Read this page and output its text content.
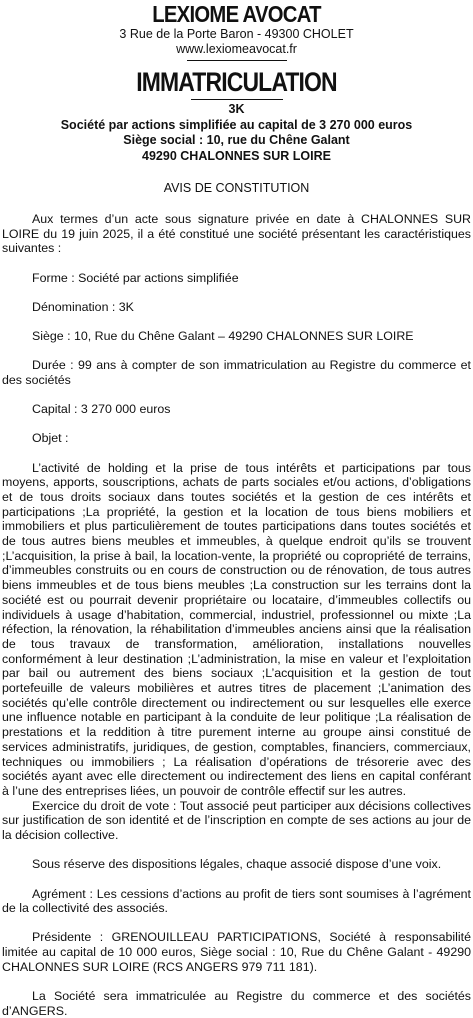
LEXIOME AVOCAT
3 Rue de la Porte Baron - 49300 CHOLET
www.lexiomeavocat.fr
IMMATRICULATION
3K
Société par actions simplifiée au capital de 3 270 000 euros
Siège social : 10, rue du Chêne Galant
49290 CHALONNES SUR LOIRE
AVIS DE CONSTITUTION

Aux termes d’un acte sous signature privée en date à CHALONNES SUR LOIRE du 19 juin 2025, il a été constitué une société présentant les caractéristiques suivantes :

Forme : Société par actions simplifiée

Dénomination : 3K

Siège : 10, Rue du Chêne Galant – 49290 CHALONNES SUR LOIRE

Durée : 99 ans à compter de son immatriculation au Registre du commerce et des sociétés

Capital : 3 270 000 euros

Objet :

L’activité de holding et la prise de tous intérêts et participations par tous moyens, apports, souscriptions, achats de parts sociales et/ou actions, d’obligations et de tous droits sociaux dans toutes sociétés et la gestion de ces intérêts et participations ;La propriété, la gestion et la location de tous biens mobiliers et immobiliers et plus particulièrement de toutes participations dans toutes sociétés et de tous autres biens meubles et immeubles, à quelque endroit qu’ils se trouvent ;L’acquisition, la prise à bail, la location-vente, la propriété ou copropriété de terrains, d’immeubles construits ou en cours de construction ou de rénovation, de tous autres biens immeubles et de tous biens meubles ;La construction sur les terrains dont la société est ou pourrait devenir propriétaire ou locataire, d’immeubles collectifs ou individuels à usage d’habitation, commercial, industriel, professionnel ou mixte ;La réfection, la rénovation, la réhabilitation d’immeubles anciens ainsi que la réalisation de tous travaux de transformation, amélioration, installations nouvelles conformément à leur destination ;L’administration, la mise en valeur et l’exploitation par bail ou autrement des biens sociaux ;L’acquisition et la gestion de tout portefeuille de valeurs mobilières et autres titres de placement ;L’animation des sociétés qu’elle contrôle directement ou indirectement ou sur lesquelles elle exerce une influence notable en participant à la conduite de leur politique ;La réalisation de prestations et la reddition à titre purement interne au groupe ainsi constitué de services administratifs, juridiques, de gestion, comptables, financiers, commerciaux, techniques ou immobiliers ; La réalisation d’opérations de trésorerie avec des sociétés ayant avec elle directement ou indirectement des liens en capital conférant à l’une des entreprises liées, un pouvoir de contrôle effectif sur les autres.

Exercice du droit de vote : Tout associé peut participer aux décisions collectives sur justification de son identité et de l’inscription en compte de ses actions au jour de la décision collective.

Sous réserve des dispositions légales, chaque associé dispose d’une voix.

Agrément : Les cessions d’actions au profit de tiers sont soumises à l’agrément de la collectivité des associés.

Présidente : GRENOUILLEAU PARTICIPATIONS, Société à responsabilité limitée au capital de 10 000 euros, Siège social : 10, Rue du Chêne Galant - 49290 CHALONNES SUR LOIRE (RCS ANGERS 979 711 181).

La Société sera immatriculée au Registre du commerce et des sociétés d’ANGERS.
